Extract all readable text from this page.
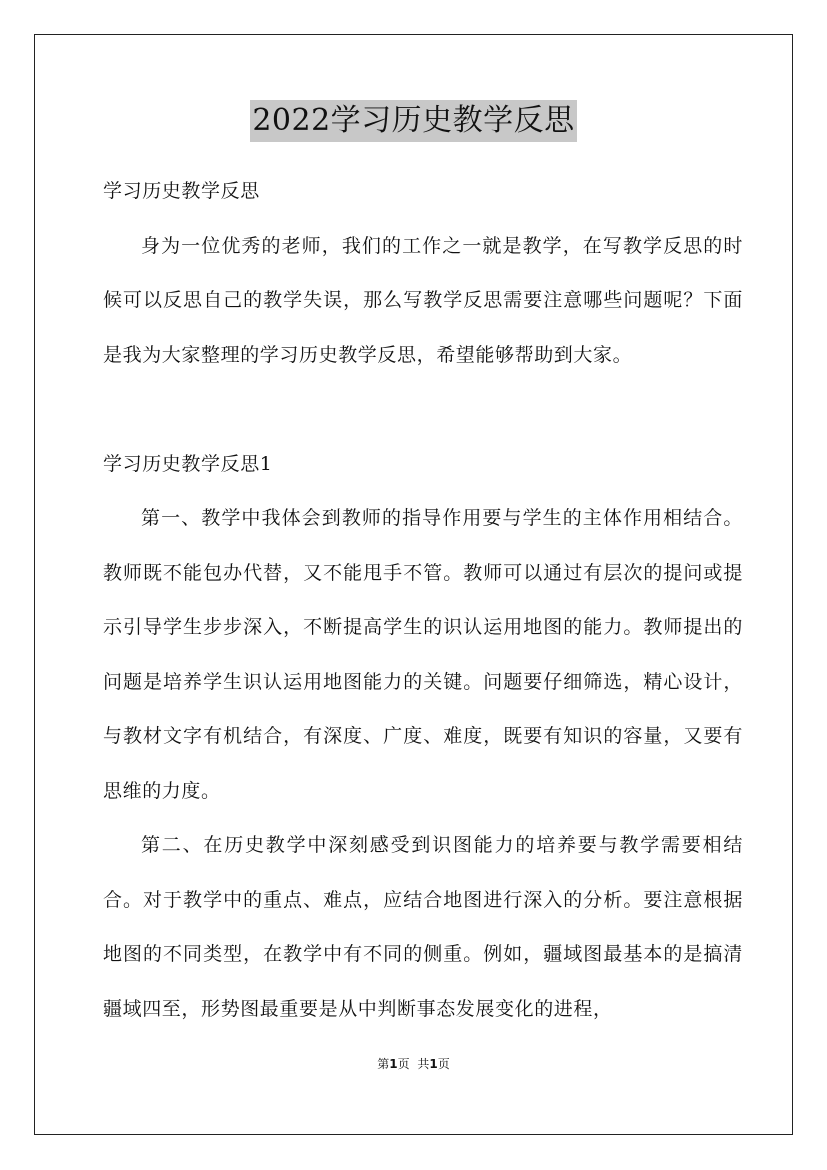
2022学习历史教学反思

学习历史教学反思

身为一位优秀的老师，我们的工作之一就是教学，在写教学反思的时候可以反思自己的教学失误，那么写教学反思需要注意哪些问题呢？下面是我为大家整理的学习历史教学反思，希望能够帮助到大家。

学习历史教学反思1

第一、教学中我体会到教师的指导作用要与学生的主体作用相结合。教师既不能包办代替，又不能甩手不管。教师可以通过有层次的提问或提示引导学生步步深入，不断提高学生的识认运用地图的能力。教师提出的问题是培养学生识认运用地图能力的关键。问题要仔细筛选，精心设计，与教材文字有机结合，有深度、广度、难度，既要有知识的容量，又要有思维的力度。

第二、在历史教学中深刻感受到识图能力的培养要与教学需要相结合。对于教学中的重点、难点，应结合地图进行深入的分析。要注意根据地图的不同类型，在教学中有不同的侧重。例如，疆域图最基本的是搞清疆域四至，形势图最重要是从中判断事态发展变化的进程，

第1页 共1页
